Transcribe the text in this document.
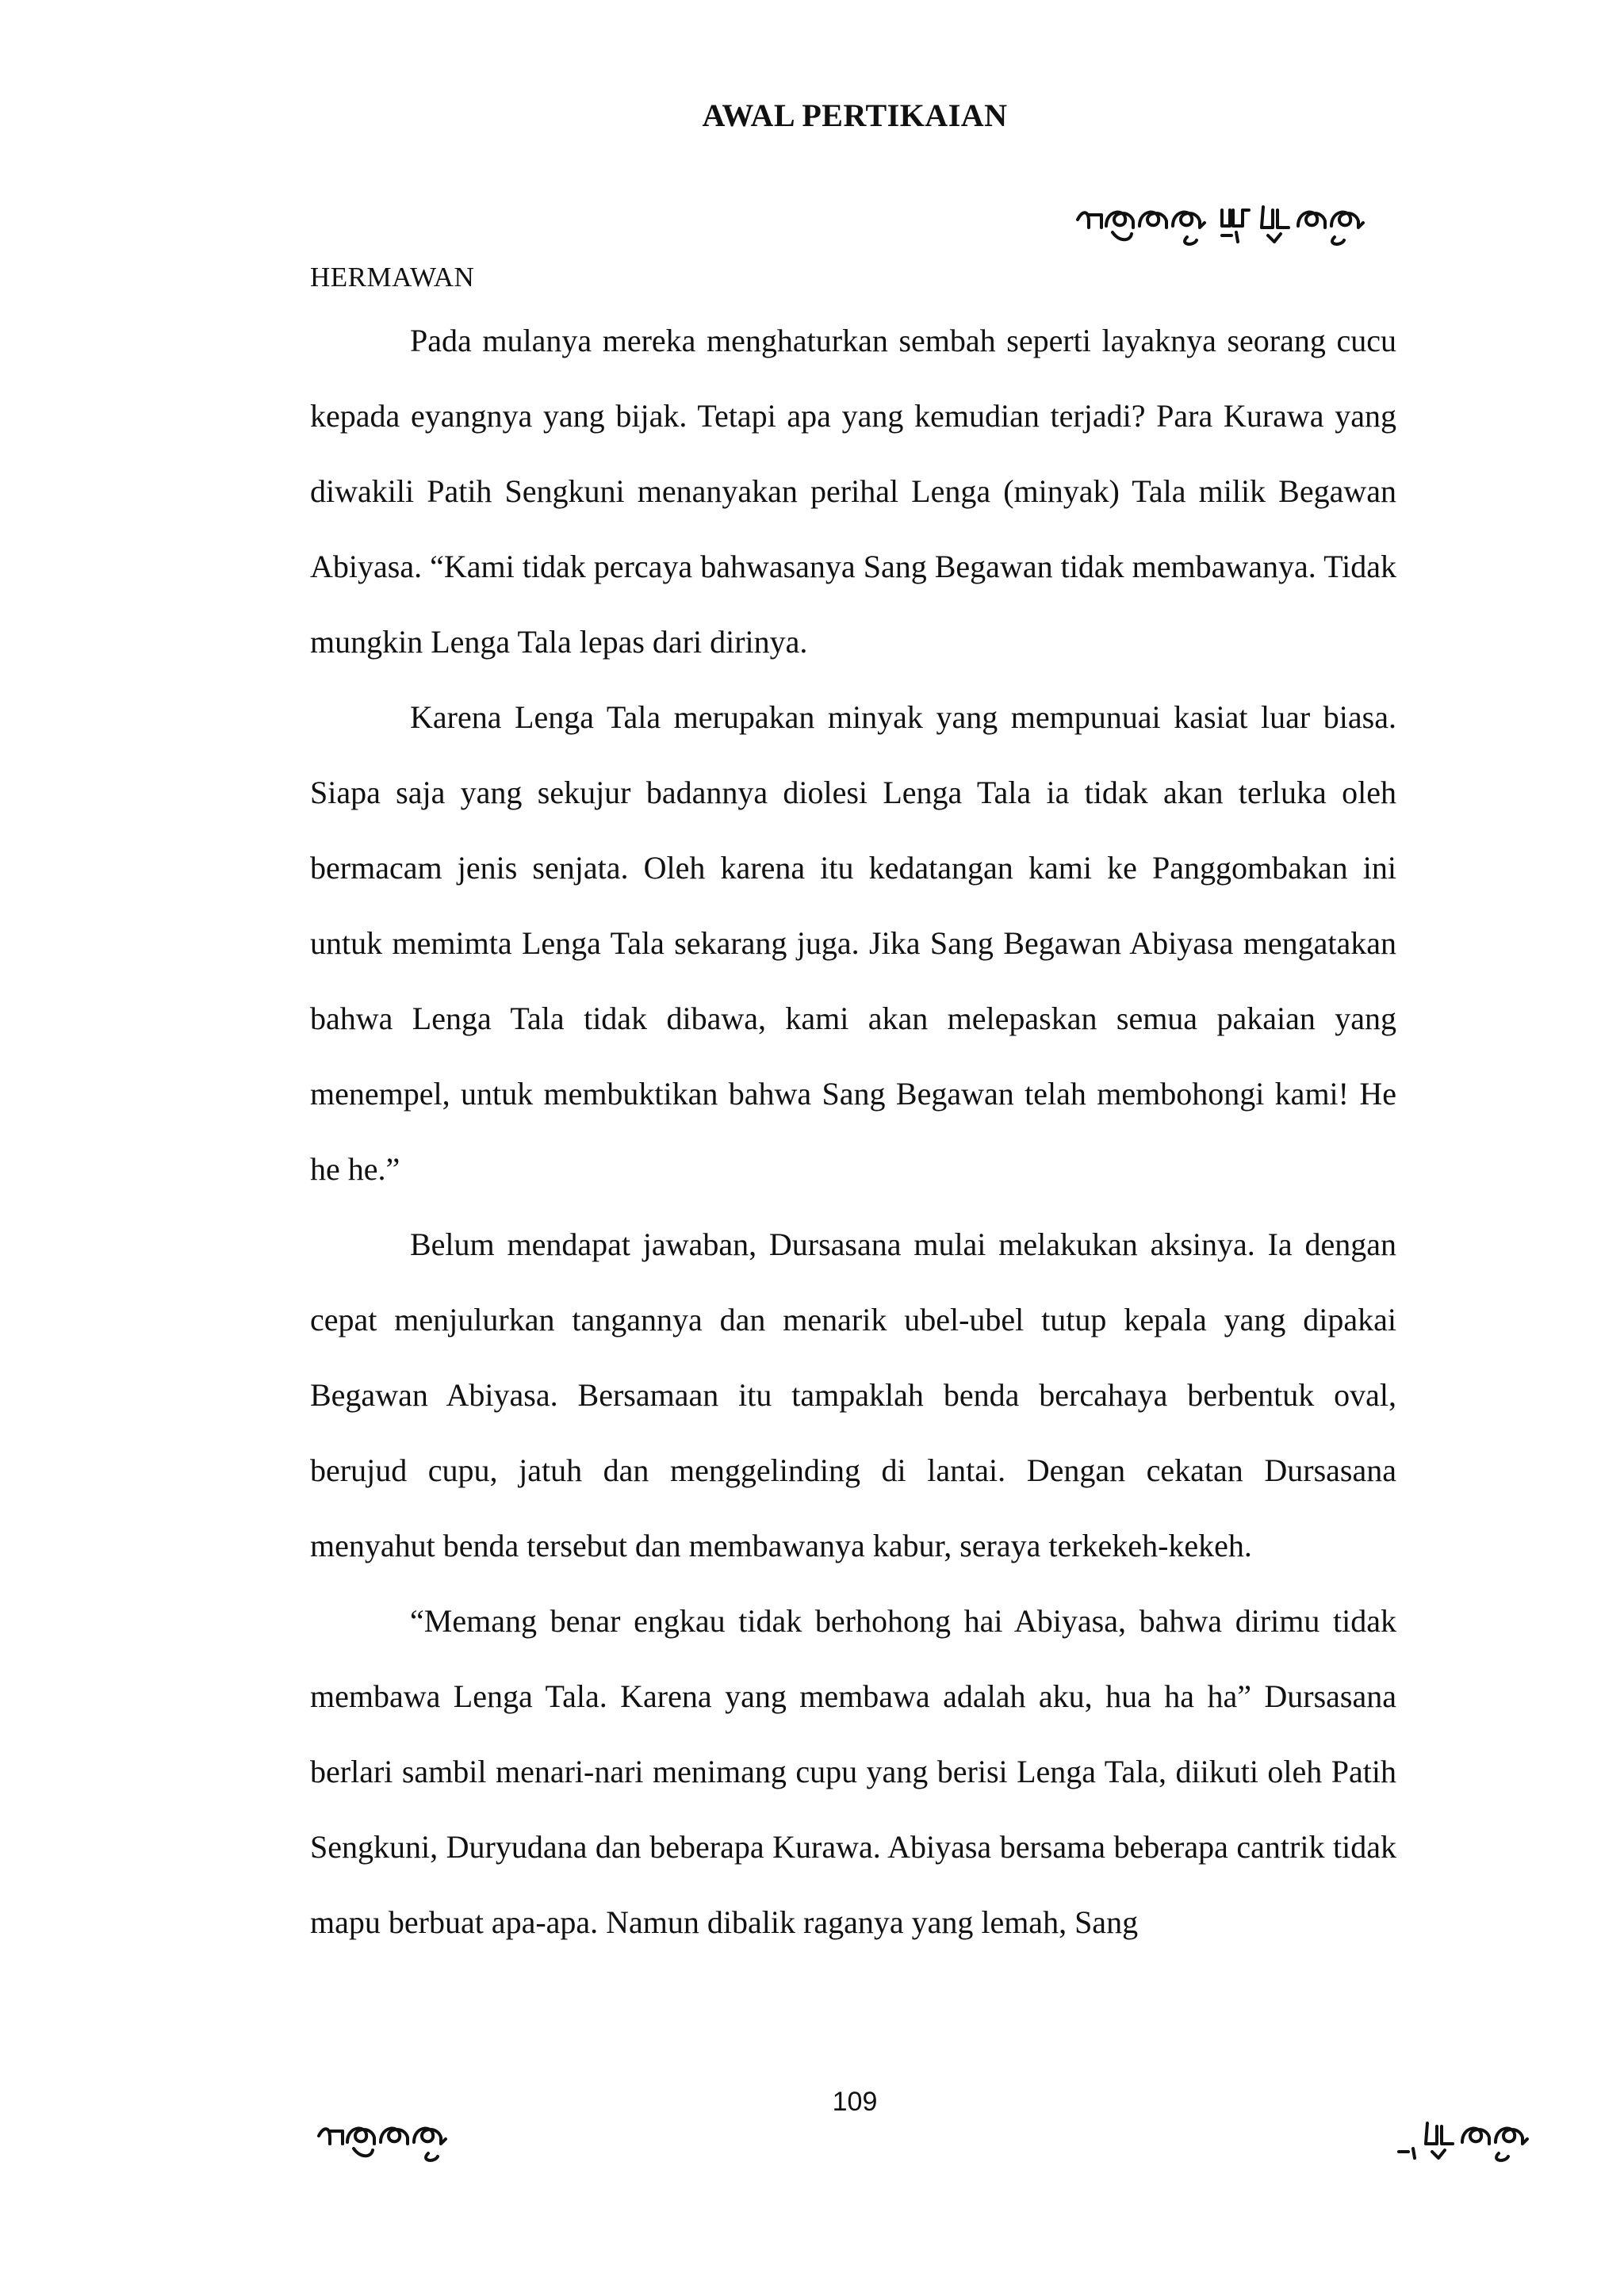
AWAL PERTIKAIAN
HERMAWAN

Pada mulanya mereka menghaturkan sembah seperti layaknya seorang cucu kepada eyangnya yang bijak. Tetapi apa yang kemudian terjadi? Para Kurawa yang diwakili Patih Sengkuni menanyakan perihal Lenga (minyak) Tala milik Begawan Abiyasa. “Kami tidak percaya bahwasanya Sang Begawan tidak membawanya. Tidak mungkin Lenga Tala lepas dari dirinya.

Karena Lenga Tala merupakan minyak yang mempunuai kasiat luar biasa. Siapa saja yang sekujur badannya diolesi Lenga Tala ia tidak akan terluka oleh bermacam jenis senjata. Oleh karena itu kedatangan kami ke Panggombakan ini untuk memimta Lenga Tala sekarang juga. Jika Sang Begawan Abiyasa mengatakan bahwa Lenga Tala tidak dibawa, kami akan melepaskan semua pakaian yang menempel, untuk membuktikan bahwa Sang Begawan telah membohongi kami! He he he.”

Belum mendapat jawaban, Dursasana mulai melakukan aksinya. Ia dengan cepat menjulurkan tangannya dan menarik ubel-ubel tutup kepala yang dipakai Begawan Abiyasa. Bersamaan itu tampaklah benda bercahaya berbentuk oval, berujud cupu, jatuh dan menggelinding di lantai. Dengan cekatan Dursasana menyahut benda tersebut dan membawanya kabur, seraya terkekeh-kekeh.

“Memang benar engkau tidak berhohong hai Abiyasa, bahwa dirimu tidak membawa Lenga Tala. Karena yang membawa adalah aku, hua ha ha” Dursasana berlari sambil menari-nari menimang cupu yang berisi Lenga Tala, diikuti oleh Patih Sengkuni, Duryudana dan beberapa Kurawa. Abiyasa bersama beberapa cantrik tidak mapu berbuat apa-apa. Namun dibalik raganya yang lemah, Sang

109
